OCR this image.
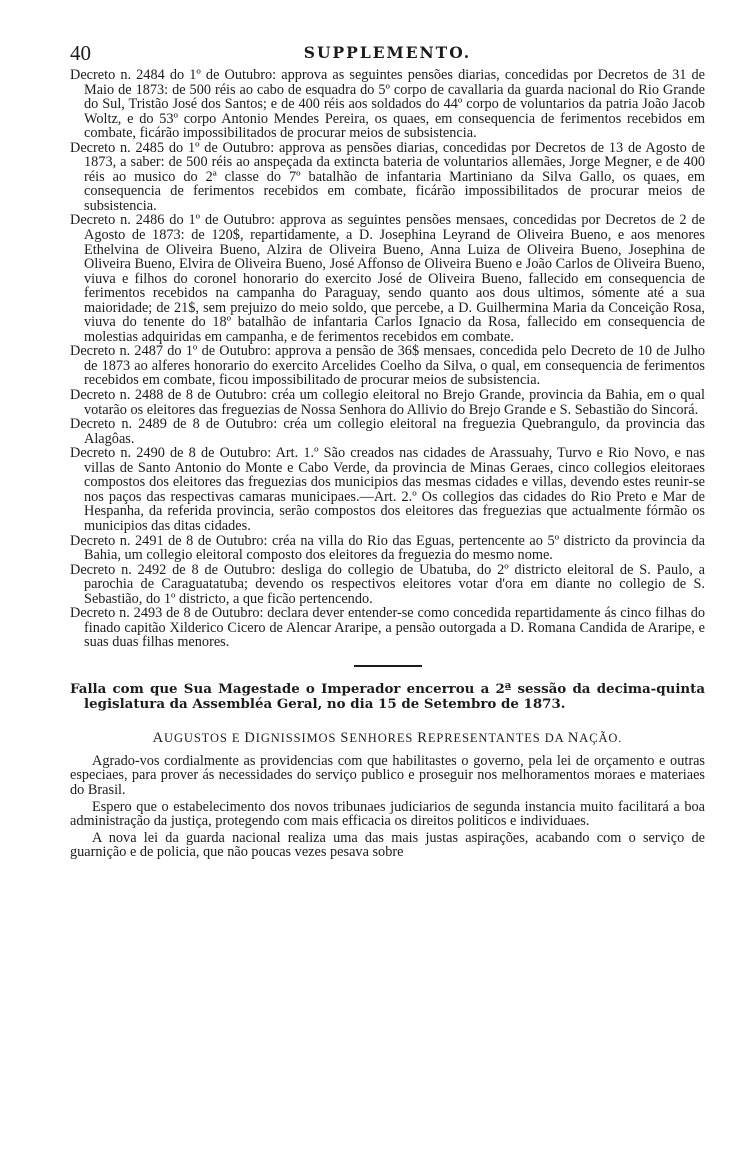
40	SUPPLEMENTO.

Decreto n. 2484 do 1º de Outubro: approva as seguintes pensões diarias, concedidas por Decretos de 31 de Maio de 1873: de 500 réis ao cabo de esquadra do 5º corpo de cavallaria da guarda nacional do Rio Grande do Sul, Tristão José dos Santos; e de 400 réis aos soldados do 44º corpo de voluntarios da patria João Jacob Woltz, e do 53º corpo Antonio Mendes Pereira, os quaes, em consequencia de ferimentos recebidos em combate, ficárão impossibilitados de procurar meios de subsistencia.

Decreto n. 2485 do 1º de Outubro: approva as pensões diarias, concedidas por Decretos de 13 de Agosto de 1873, a saber: de 500 réis ao anspeçada da extincta bateria de voluntarios allemães, Jorge Megner, e de 400 réis ao musico do 2ª classe do 7º batalhão de infantaria Martiniano da Silva Gallo, os quaes, em consequencia de ferimentos recebidos em combate, ficárão impossibilitados de procurar meios de subsistencia.

Decreto n. 2486 do 1º de Outubro: approva as seguintes pensões mensaes, concedidas por Decretos de 2 de Agosto de 1873: de 120$, repartidamente, a D. Josephina Leyrand de Oliveira Bueno, e aos menores Ethelvina de Oliveira Bueno, Alzira de Oliveira Bueno, Anna Luiza de Oliveira Bueno, Josephina de Oliveira Bueno, Elvira de Oliveira Bueno, José Affonso de Oliveira Bueno e João Carlos de Oliveira Bueno, viuva e filhos do coronel honorario do exercito José de Oliveira Bueno, fallecido em consequencia de ferimentos recebidos na campanha do Paraguay, sendo quanto aos dous ultimos, sómente até a sua maioridade; de 21$, sem prejuizo do meio soldo, que percebe, a D. Guilhermina Maria da Conceição Rosa, viuva do tenente do 18º batalhão de infantaria Carlos Ignacio da Rosa, fallecido em consequencia de molestias adquiridas em campanha, e de ferimentos recebidos em combate.

Decreto n. 2487 do 1º de Outubro: approva a pensão de 36$ mensaes, concedida pelo Decreto de 10 de Julho de 1873 ao alferes honorario do exercito Arcelides Coelho da Silva, o qual, em consequencia de ferimentos recebidos em combate, ficou impossibilitado de procurar meios de subsistencia.

Decreto n. 2488 de 8 de Outubro: créa um collegio eleitoral no Brejo Grande, provincia da Bahia, em o qual votarão os eleitores das freguezias de Nossa Senhora do Allivio do Brejo Grande e S. Sebastião do Sincorá.

Decreto n. 2489 de 8 de Outubro: créa um collegio eleitoral na freguezia Quebrangulo, da provincia das Alagôas.

Decreto n. 2490 de 8 de Outubro: Art. 1.º São creados nas cidades de Arassuahy, Turvo e Rio Novo, e nas villas de Santo Antonio do Monte e Cabo Verde, da provincia de Minas Geraes, cinco collegios eleitoraes compostos dos eleitores das freguezias dos municipios das mesmas cidades e villas, devendo estes reunir-se nos paços das respectivas camaras municipaes.—Art. 2.º Os collegios das cidades do Rio Preto e Mar de Hespanha, da referida provincia, serão compostos dos eleitores das freguezias que actualmente fórmão os municipios das ditas cidades.

Decreto n. 2491 de 8 de Outubro: créa na villa do Rio das Eguas, pertencente ao 5º districto da provincia da Bahia, um collegio eleitoral composto dos eleitores da freguezia do mesmo nome.

Decreto n. 2492 de 8 de Outubro: desliga do collegio de Ubatuba, do 2º districto eleitoral de S. Paulo, a parochia de Caraguatatuba; devendo os respectivos eleitores votar d'ora em diante no collegio de S. Sebastião, do 1º districto, a que ficão pertencendo.

Decreto n. 2493 de 8 de Outubro: declara dever entender-se como concedida repartidamente ás cinco filhas do finado capitão Xilderico Cicero de Alencar Araripe, a pensão outorgada a D. Romana Candida de Araripe, e suas duas filhas menores.

Falla com que Sua Magestade o Imperador encerrou a 2ª sessão da decima-quinta legislatura da Assembléa Geral, no dia 15 de Setembro de 1873.

AUGUSTOS E DIGNISSIMOS SENHORES REPRESENTANTES DA NAÇÃO.

Agrado-vos cordialmente as providencias com que habilitastes o governo, pela lei de orçamento e outras especiaes, para prover ás necessidades do serviço publico e proseguir nos melhoramentos moraes e materiaes do Brasil.

Espero que o estabelecimento dos novos tribunaes judiciarios de segunda instancia muito facilitará a boa administração da justiça, protegendo com mais efficacia os direitos politicos e individuaes.

A nova lei da guarda nacional realiza uma das mais justas aspirações, acabando com o serviço de guarnição e de policia, que não poucas vezes pesava sobre
